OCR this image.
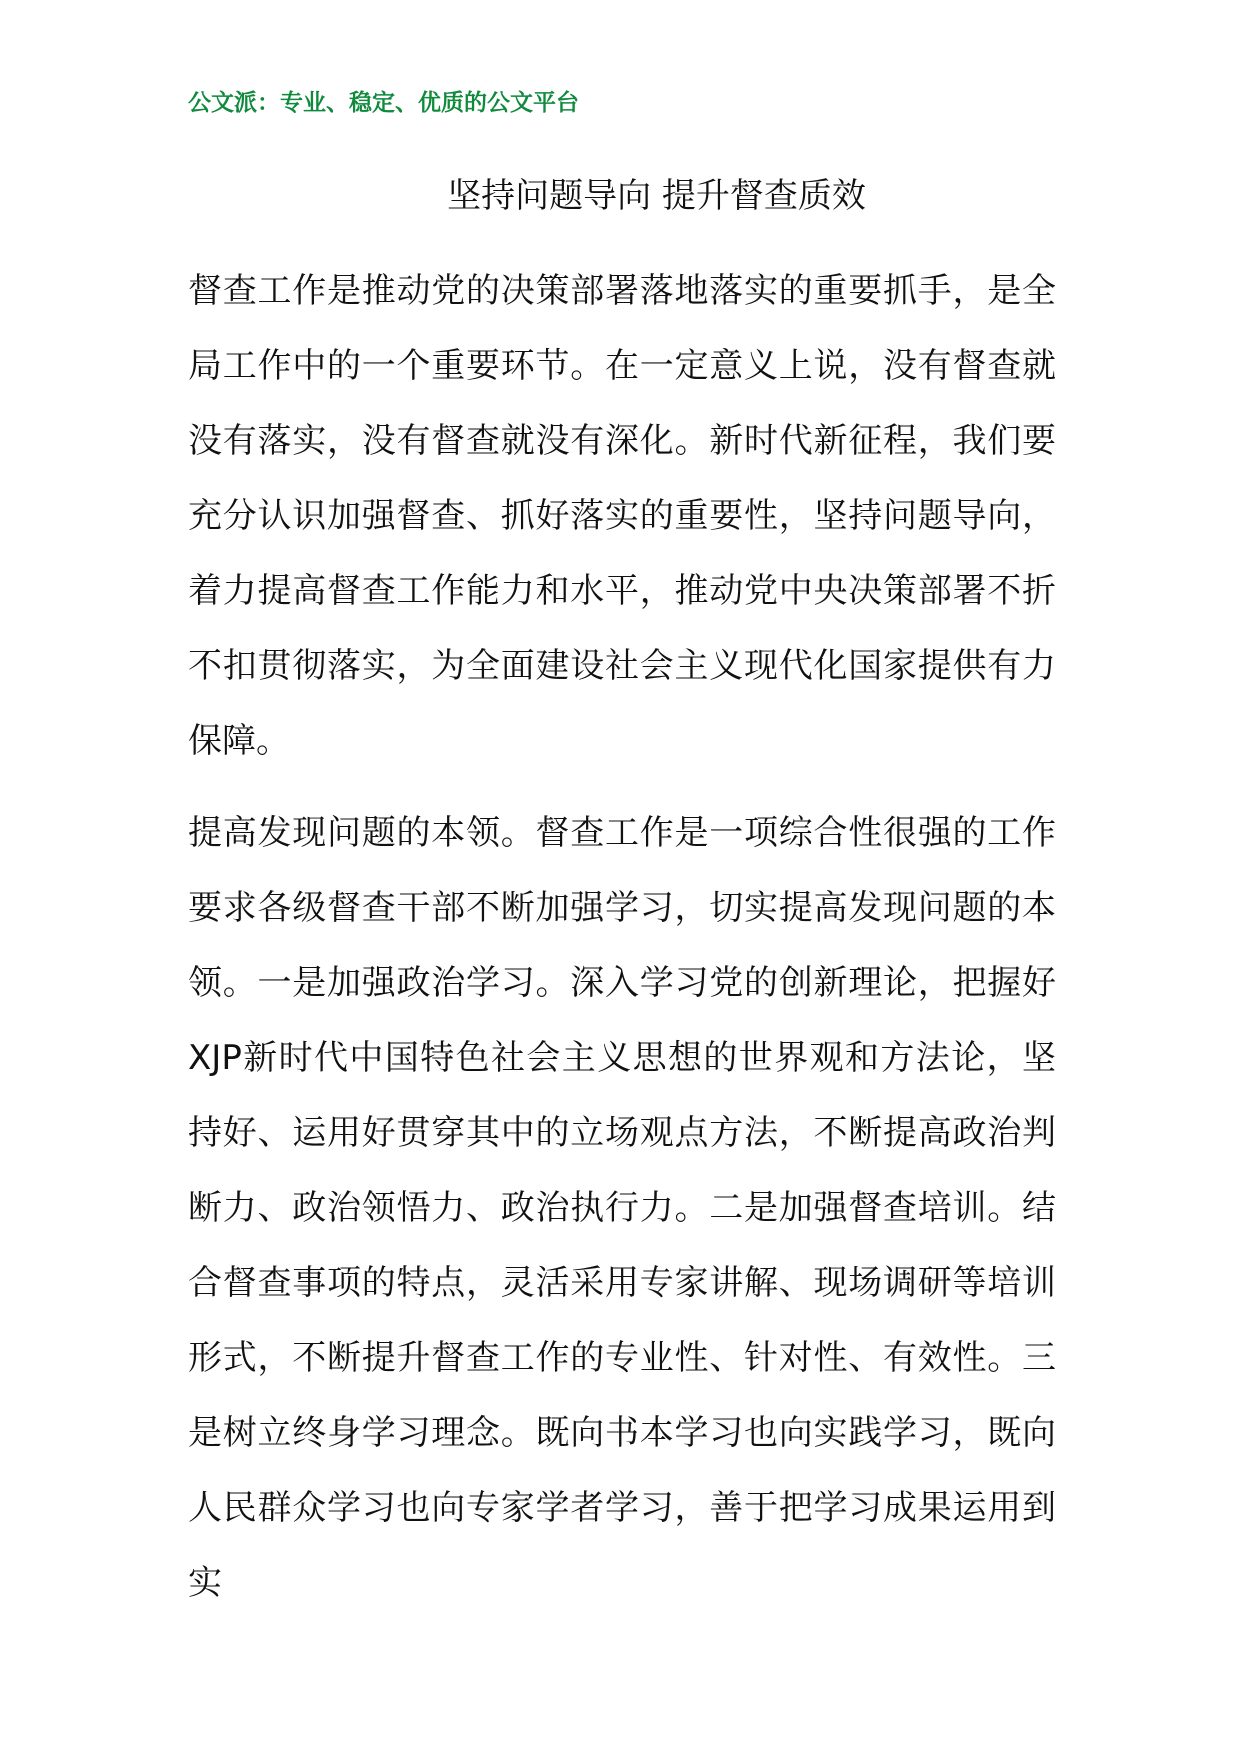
公文派：专业、稳定、优质的公文平台
坚持问题导向 提升督查质效

督查工作是推动党的决策部署落地落实的重要抓手，是全局工作中的一个重要环节。在一定意义上说，没有督查就没有落实，没有督查就没有深化。新时代新征程，我们要充分认识加强督查、抓好落实的重要性，坚持问题导向，着力提高督查工作能力和水平，推动党中央决策部署不折不扣贯彻落实，为全面建设社会主义现代化国家提供有力保障。

提高发现问题的本领。督查工作是一项综合性很强的工作要求各级督查干部不断加强学习，切实提高发现问题的本领。一是加强政治学习。深入学习党的创新理论，把握好XJP新时代中国特色社会主义思想的世界观和方法论，坚持好、运用好贯穿其中的立场观点方法，不断提高政治判断力、政治领悟力、政治执行力。二是加强督查培训。结合督查事项的特点，灵活采用专家讲解、现场调研等培训形式，不断提升督查工作的专业性、针对性、有效性。三是树立终身学习理念。既向书本学习也向实践学习，既向人民群众学习也向专家学者学习，善于把学习成果运用到实
